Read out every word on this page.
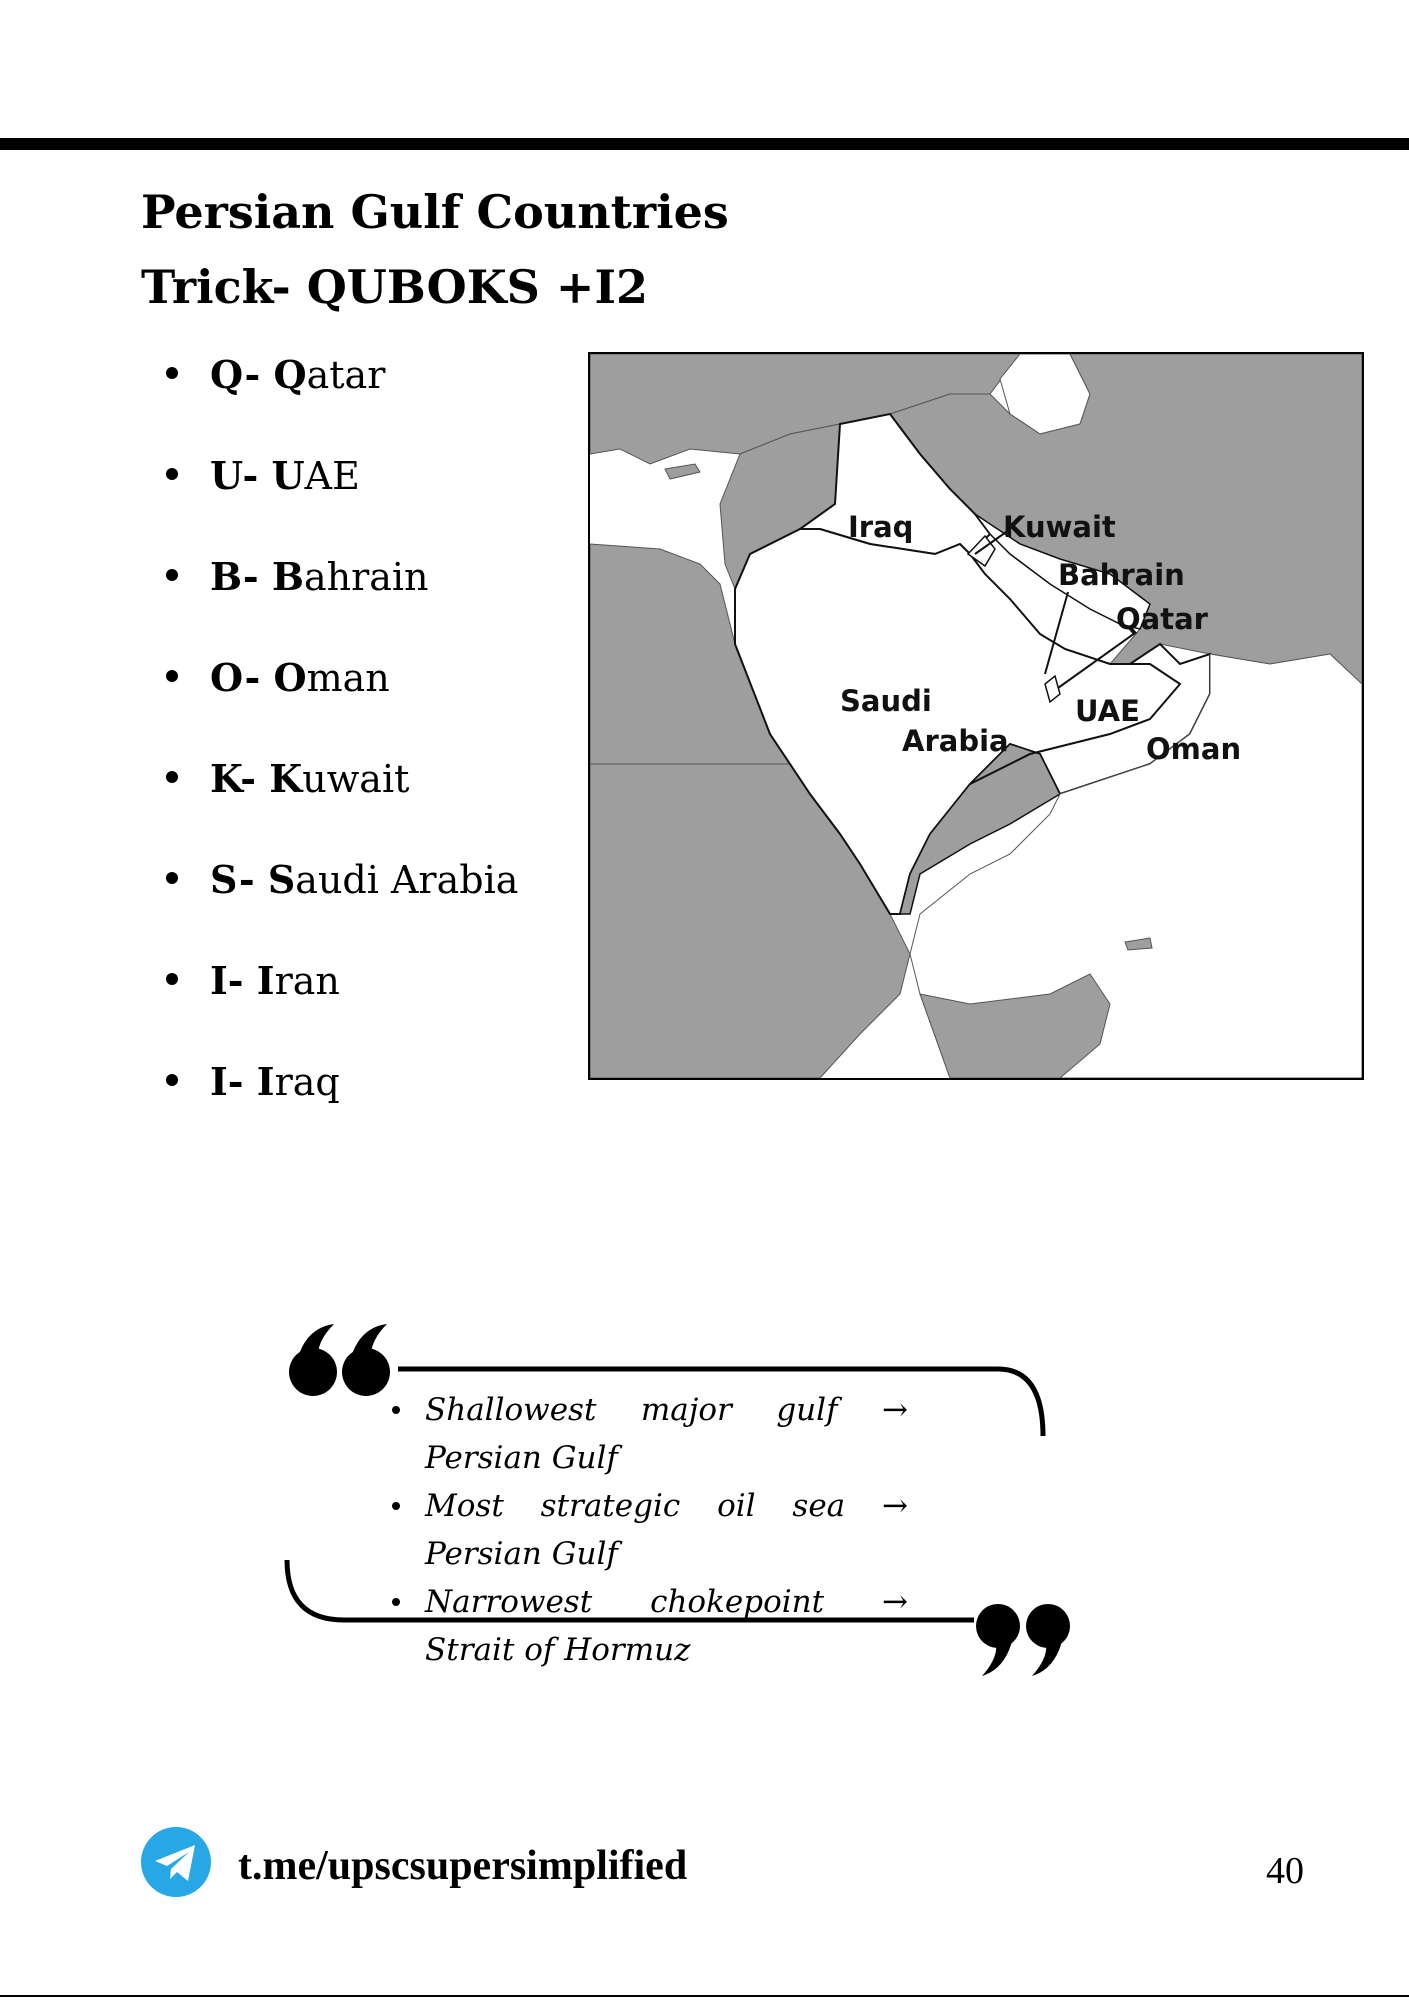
Persian Gulf Countries
Trick- QUBOKS +I2
Q- Qatar
U- UAE
B- Bahrain
O- Oman
K- Kuwait
S- Saudi Arabia
I- Iran
I- Iraq
Iraq	Kuwait
Bahrain
Qatar
Saudi
Arabia
UAE
Oman
Shallowest major gulf → Persian Gulf
Most strategic oil sea → Persian Gulf
Narrowest chokepoint → Strait of Hormuz
t.me/upscsupersimplified	40
